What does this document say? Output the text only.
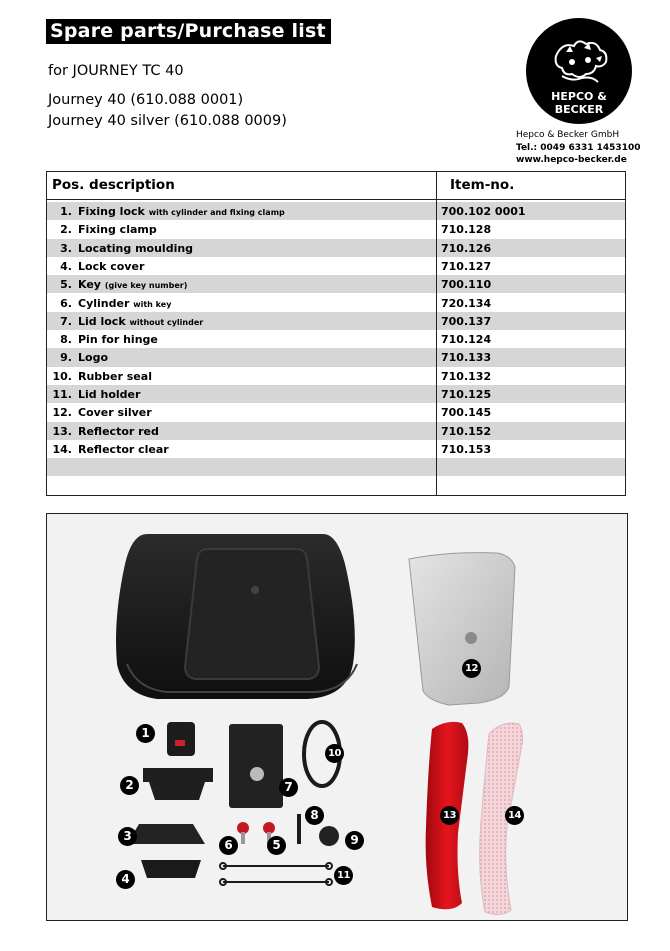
Spare parts/Purchase list
for JOURNEY TC 40
Journey 40 (610.088 0001)
Journey 40 silver (610.088 0009)
HEPCO &
BECKER
Hepco & Becker GmbH
Tel.: 0049 6331 1453100
www.hepco-becker.de
Pos. description	Item-no.
1. Fixing lock with cylinder and fixing clamp	700.102 0001
2. Fixing clamp	710.128
3. Locating moulding	710.126
4. Lock cover	710.127
5. Key (give key number)	700.110
6. Cylinder with key	720.134
7. Lid lock without cylinder	700.137
8. Pin for hinge	710.124
9. Logo	710.133
10. Rubber seal	710.132
11. Lid holder	710.125
12. Cover silver	700.145
13. Reflector red	710.152
14. Reflector clear	710.153
1
2
3
4
5
6
7
8
9
10
11
12
13	14
